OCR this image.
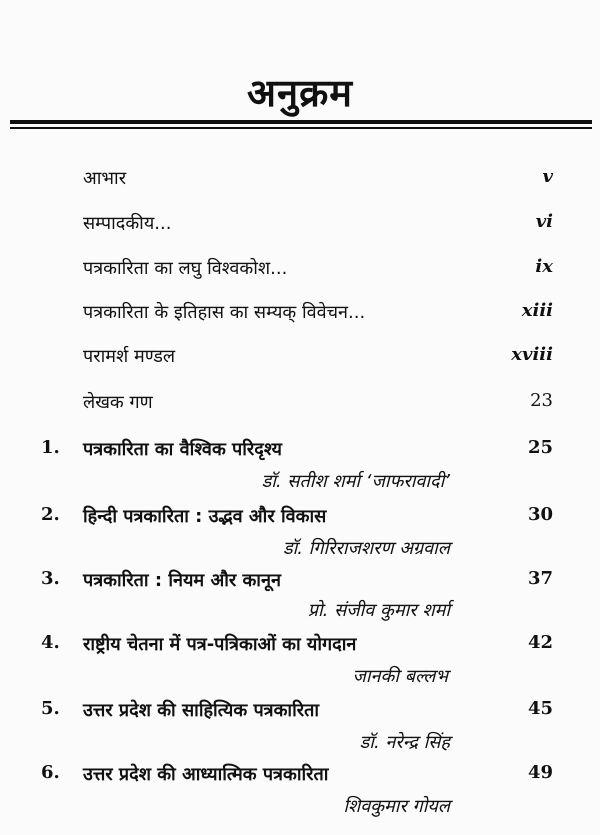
अनुक्रम
आभार	v
सम्पादकीय...	vi
पत्रकारिता का लघु विश्वकोश...	ix
पत्रकारिता के इतिहास का सम्यक् विवेचन...	xiii
परामर्श मण्डल	xviii
लेखक गण	23
1. पत्रकारिता का वैश्विक परिदृश्य	25
डॉ. सतीश शर्मा ‘जाफरावादी’
2. हिन्दी पत्रकारिता : उद्भव और विकास	30
डॉ. गिरिराजशरण अग्रवाल
3. पत्रकारिता : नियम और कानून	37
प्रो. संजीव कुमार शर्मा
4. राष्ट्रीय चेतना में पत्र-पत्रिकाओं का योगदान	42
जानकी बल्लभ
5. उत्तर प्रदेश की साहित्यिक पत्रकारिता	45
डॉ. नरेन्द्र सिंह
6. उत्तर प्रदेश की आध्यात्मिक पत्रकारिता	49
शिवकुमार गोयल
